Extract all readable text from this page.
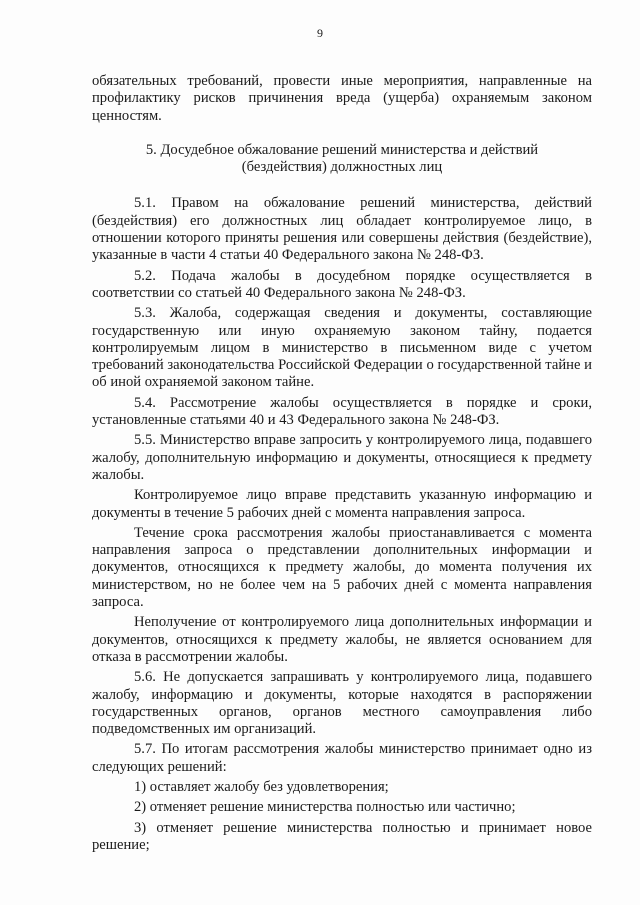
9

обязательных требований, провести иные мероприятия, направленные на профилактику рисков причинения вреда (ущерба) охраняемым законом ценностям.

5. Досудебное обжалование решений министерства и действий
(бездействия) должностных лиц

5.1. Правом на обжалование решений министерства, действий (бездействия) его должностных лиц обладает контролируемое лицо, в отношении которого приняты решения или совершены действия (бездействие), указанные в части 4 статьи 40 Федерального закона № 248-ФЗ.

5.2. Подача жалобы в досудебном порядке осуществляется в соответствии со статьей 40 Федерального закона № 248-ФЗ.

5.3. Жалоба, содержащая сведения и документы, составляющие государственную или иную охраняемую законом тайну, подается контролируемым лицом в министерство в письменном виде с учетом требований законодательства Российской Федерации о государственной тайне и об иной охраняемой законом тайне.

5.4. Рассмотрение жалобы осуществляется в порядке и сроки, установленные статьями 40 и 43 Федерального закона № 248-ФЗ.

5.5. Министерство вправе запросить у контролируемого лица, подавшего жалобу, дополнительную информацию и документы, относящиеся к предмету жалобы.

Контролируемое лицо вправе представить указанную информацию и документы в течение 5 рабочих дней с момента направления запроса.

Течение срока рассмотрения жалобы приостанавливается с момента направления запроса о представлении дополнительных информации и документов, относящихся к предмету жалобы, до момента получения их министерством, но не более чем на 5 рабочих дней с момента направления запроса.

Неполучение от контролируемого лица дополнительных информации и документов, относящихся к предмету жалобы, не является основанием для отказа в рассмотрении жалобы.

5.6. Не допускается запрашивать у контролируемого лица, подавшего жалобу, информацию и документы, которые находятся в распоряжении государственных органов, органов местного самоуправления либо подведомственных им организаций.

5.7. По итогам рассмотрения жалобы министерство принимает одно из следующих решений:

1) оставляет жалобу без удовлетворения;

2) отменяет решение министерства полностью или частично;

3) отменяет решение министерства полностью и принимает новое решение;
